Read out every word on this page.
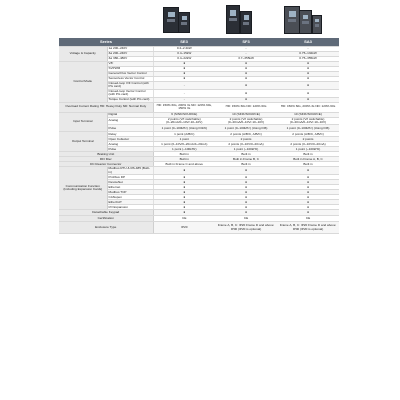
Series		SE3	SF3	SA3
Voltage & Capacity	1ø 200~240V	0.4~2.2kW	-	-
	3ø 200~240V	0.4~15kW	-	0.75~132kW
	3ø 380~480V	0.4~22kW	3.7~355kW	0.75~355kW
Control Mode	V/F	●	●	●
	SVPWM	●	●	●
	General Flux Vector Control	●	●	●
	Sensorless Vector Control	●	●	●
	Closed-loop V/F Control (with PG card)	-	●	●
	Closed-loop Vector Control (with PG card)	-	●	●
	Torque Control (with PG card)	-	●	●
Overload Current Rating HD: Heavy Duty ND: Normal Duty		HD: 150% 60s, 200% 3s ND: 120% 60s, 150% 3s	HD: 150% 60s ND: 120% 60s	HD: 150% 60s, 200% 3s ND: 120% 60s
Input Terminal	Digital	6 (SINK/SOURCE)	10 (SINK/SOURCE)	10 (SINK/SOURCE)
	Analog	2 points (V/I switchable) (0~20mA/0~10V/-10~10V)	2 points (V/I switchable) (0~20mA/0~10V/-10~10V)	2 points (V/I switchable) (0~20mA/0~10V/-10~10V)
	Pulse	1 point (0~100kHz) (Using DI1/6)	1 point (0~100kHz) (Using DI6)	1 point (0~100kHz) (Using DI6)
Output Terminal	Relay	1 point (A/B/C)	2 points (A/B/C, A/B/C)	2 points (A/B/C, A/B/C)
	Open Collector	1 point	2 points	2 points
	Analog	1 point (0~10V/0~20mA/4~20mA)	2 points (0~10V/0~20mA)	2 points (0~10V/0~20mA)
	Pulse	1 point (~100kHz)	1 point (~100kHz)	1 point (~100kHz)
Braking Unit		Built in	Built in	Built in
RFI filter		Built in	Built in Frame B, C	Built in Frame A, B, C
DC Reactor Connector		Built in Frame C and above	Built in	Built in
Communication Function (Including Expansion Cards)	Modbus RTU & RS-485 (Built-in)	●	●	●
	Profibus DP	●	●	●
	DeviceNet	●	●	●
	Ethernet	●	●	●
	Modbus TCP	●	●	●
	CANopen	●	●	●
	EtherCAT	●	●	●
	I/O Expansion	●	●	●
Detachable Keypad		●	●	●
Certification		CE	CE	CE
Enclosure Type		IP20	Frame A, B, C: IP20 Frame D and above: IP00 (IP20 is optional)	Frame A, B, C: IP20 Frame D and above: IP00 (IP20 is optional)
